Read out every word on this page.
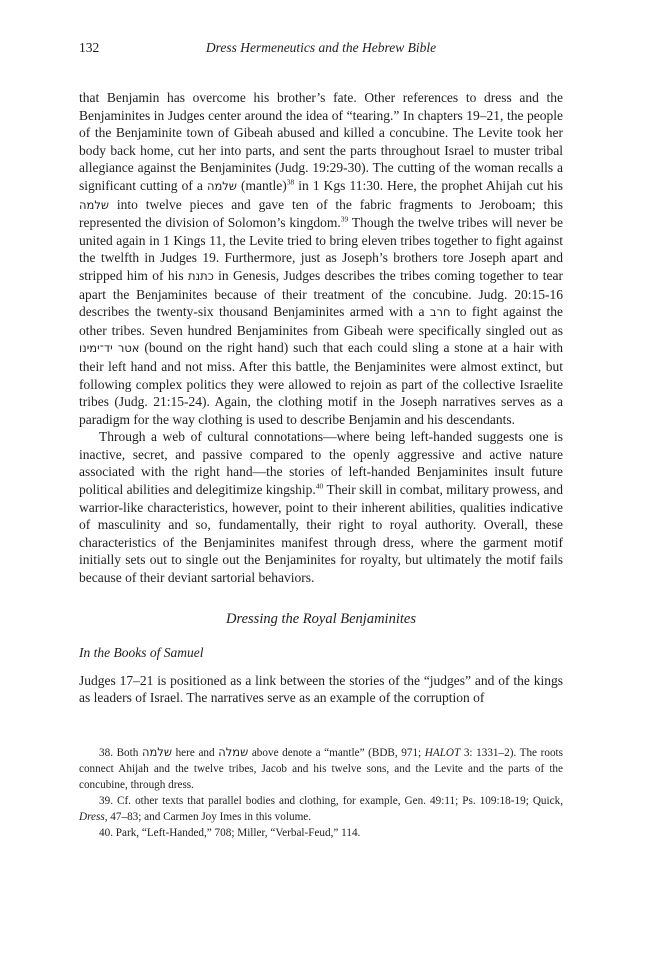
132	Dress Hermeneutics and the Hebrew Bible

that Benjamin has overcome his brother’s fate. Other references to dress and the Benjaminites in Judges center around the idea of “tearing.” In chapters 19–21, the people of the Benjaminite town of Gibeah abused and killed a concubine. The Levite took her body back home, cut her into parts, and sent the parts throughout Israel to muster tribal allegiance against the Benjaminites (Judg. 19:29-30). The cutting of the woman recalls a significant cutting of a שלמה (mantle)$^{38}$ in 1 Kgs 11:30. Here, the prophet Ahijah cut his שלמה into twelve pieces and gave ten of the fabric fragments to Jeroboam; this represented the division of Solomon’s kingdom.$^{39}$ Though the twelve tribes will never be united again in 1 Kings 11, the Levite tried to bring eleven tribes together to fight against the twelfth in Judges 19. Furthermore, just as Joseph’s brothers tore Joseph apart and stripped him of his כתנת in Genesis, Judges describes the tribes coming together to tear apart the Benjaminites because of their treatment of the concubine. Judg. 20:15-16 describes the twenty-six thousand Benjaminites armed with a חרב to fight against the other tribes. Seven hundred Benjaminites from Gibeah were specifically singled out as אטר יד־ימינו (bound on the right hand) such that each could sling a stone at a hair with their left hand and not miss. After this battle, the Benjaminites were almost extinct, but following complex politics they were allowed to rejoin as part of the collective Israelite tribes (Judg. 21:15-24). Again, the clothing motif in the Joseph narratives serves as a paradigm for the way clothing is used to describe Benjamin and his descendants.

Through a web of cultural connotations—where being left-handed suggests one is inactive, secret, and passive compared to the openly aggressive and active nature associated with the right hand—the stories of left-handed Benjaminites insult future political abilities and delegitimize kingship.$^{40}$ Their skill in combat, military prowess, and warrior-like characteristics, however, point to their inherent abilities, qualities indicative of masculinity and so, fundamentally, their right to royal authority. Overall, these characteristics of the Benjaminites manifest through dress, where the garment motif initially sets out to single out the Benjaminites for royalty, but ultimately the motif fails because of their deviant sartorial behaviors.

Dressing the Royal Benjaminites
In the Books of Samuel

Judges 17–21 is positioned as a link between the stories of the “judges” and of the kings as leaders of Israel. The narratives serve as an example of the corruption of

38. Both שלמה here and שמלה above denote a “mantle” (BDB, 971; HALOT 3: 1331–2). The roots connect Ahijah and the twelve tribes, Jacob and his twelve sons, and the Levite and the parts of the concubine, through dress.

39. Cf. other texts that parallel bodies and clothing, for example, Gen. 49:11; Ps. 109:18-19; Quick, Dress, 47–83; and Carmen Joy Imes in this volume.

40. Park, “Left-Handed,” 708; Miller, “Verbal-Feud,” 114.
